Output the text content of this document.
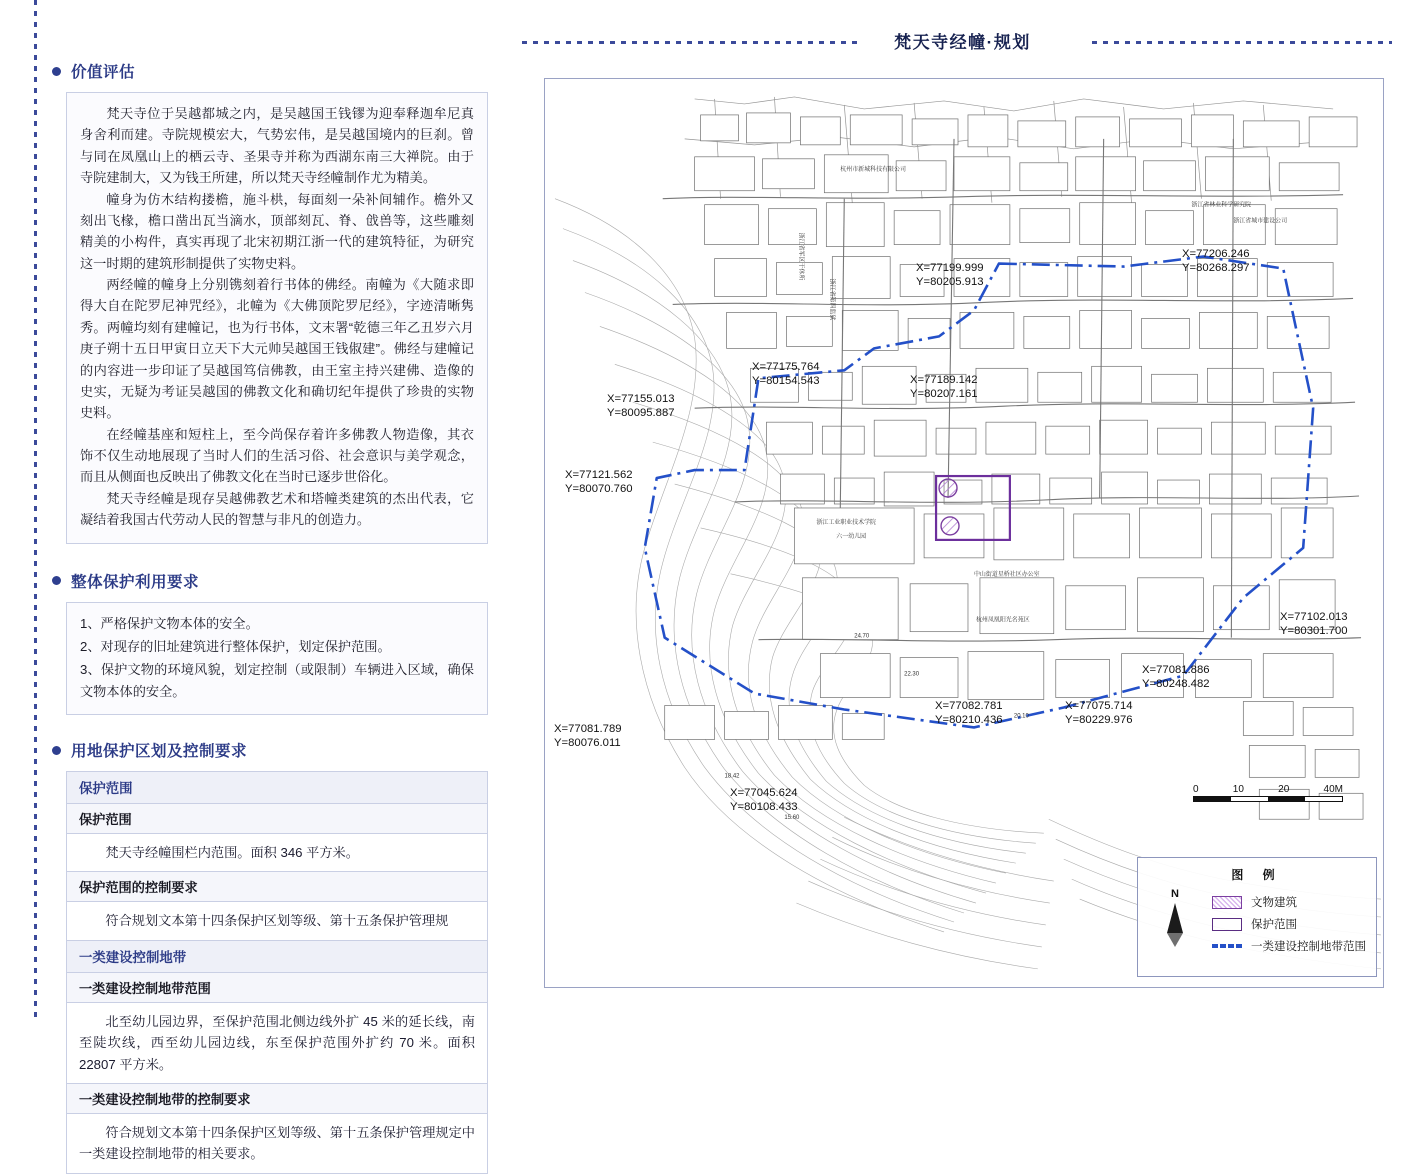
价值评估

梵天寺位于吴越都城之内，是吴越国王钱镠为迎奉释迦牟尼真身舍利而建。寺院规模宏大，气势宏伟，是吴越国境内的巨刹。曾与同在凤凰山上的栖云寺、圣果寺并称为西湖东南三大禅院。由于寺院建制大，又为钱王所建，所以梵天寺经幢制作尤为精美。

幢身为仿木结构搂檐，施斗栱，每面刻一朵补间辅作。檐外又刻出飞椽，檐口凿出瓦当滴水，顶部刻瓦、脊、戗兽等，这些雕刻精美的小构件，真实再现了北宋初期江浙一代的建筑特征，为研究这一时期的建筑形制提供了实物史料。

两经幢的幢身上分别镌刻着行书体的佛经。南幢为《大随求即得大自在陀罗尼神咒经》，北幢为《大佛顶陀罗尼经》，字迹清晰隽秀。两幢均刻有建幢记，也为行书体，文末署“乾德三年乙丑岁六月庚子朔十五日甲寅日立天下大元帅吴越国王钱俶建”。佛经与建幢记的内容进一步印证了吴越国笃信佛教，由王室主持兴建佛、造像的史实，无疑为考证吴越国的佛教文化和确切纪年提供了珍贵的实物史料。

在经幢基座和短柱上，至今尚保存着许多佛教人物造像，其衣饰不仅生动地展现了当时人们的生活习俗、社会意识与美学观念，而且从侧面也反映出了佛教文化在当时已逐步世俗化。

梵天寺经幢是现存吴越佛教艺术和塔幢类建筑的杰出代表，它凝结着我国古代劳动人民的智慧与非凡的创造力。

整体保护利用要求

1、严格保护文物本体的安全。

2、对现存的旧址建筑进行整体保护，划定保护范围。

3、保护文物的环境风貌，划定控制（或限制）车辆进入区域，确保文物本体的安全。

用地保护区划及控制要求
保护范围
保护范围

梵天寺经幢围栏内范围。面积 346 平方米。

保护范围的控制要求

符合规划文本第十四条保护区划等级、第十五条保护管理规

一类建设控制地带
一类建设控制地带范围

北至幼儿园边界，至保护范围北侧边线外扩 45 米的延长线，南至陡坎线，西至幼儿园边线，东至保护范围外扩约 70 米。面积 22807 平方米。

一类建设控制地带的控制要求

符合规划文本第十四条保护区划等级、第十五条保护管理规定中一类建设控制地带的相关要求。

梵天寺经幢·规划
杭州市新城科技有限公司
浙江省林业科学研究院
浙江省城市建设公司
浙江工业职业技术学院
六一幼儿园
中山街道星桥社区办公室
杭州凤凰阳光名苑区
浙江省军区干休所
浙江省第四监狱
24.70
22.30
20.10
18.42
15.60
X=77206.246
Y=80268.297
X=77199.999
Y=80205.913
X=77175.764
Y=80154.543	X=77189.142
Y=80207.161
X=77155.013
Y=80095.887
X=77121.562
Y=80070.760
X=77102.013
Y=80301.700
X=77081.886
Y=80248.482
X=77082.781
Y=80210.436
X=77075.714
Y=80229.976
X=77081.789
Y=80076.011
X=77045.624
Y=80108.433
0	10	20	40M
图 例
N
文物建筑
保护范围
一类建设控制地带范围
